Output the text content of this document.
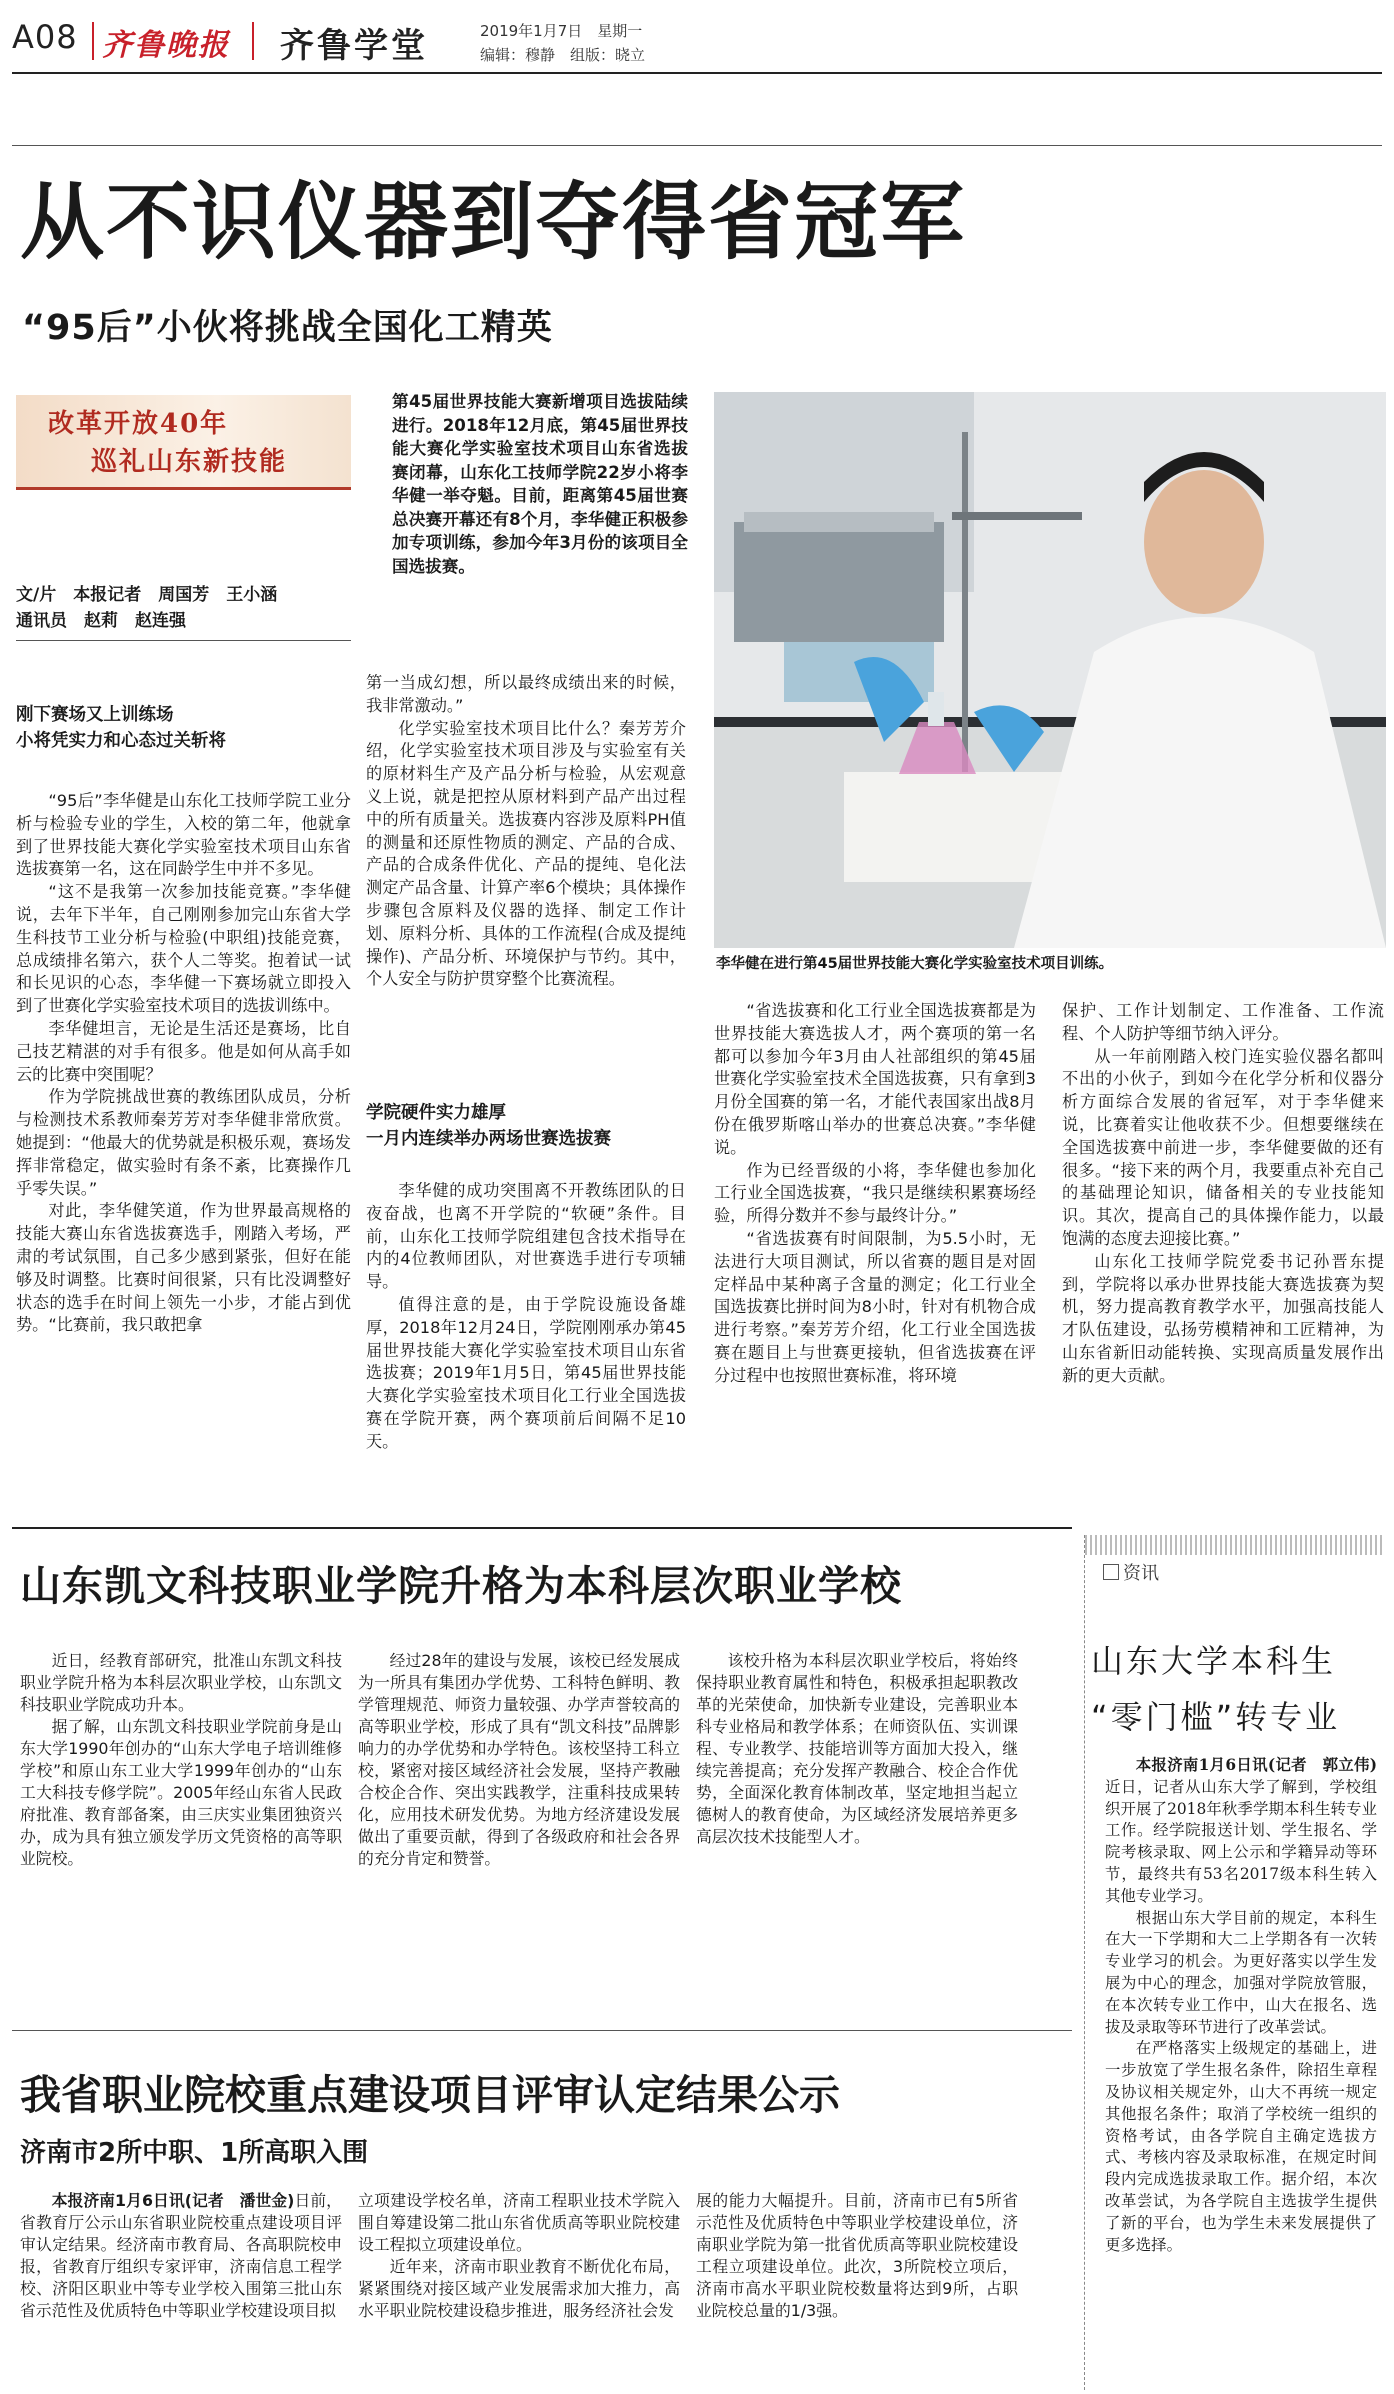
A08 齐鲁晚报 齐鲁学堂	2019年1月7日　星期一
编辑：穆静　组版：晓立
从不识仪器到夺得省冠军
“95后”小伙将挑战全国化工精英
改革开放40年
巡礼山东新技能
文/片　本报记者　周国芳　王小涵
通讯员　赵莉　赵连强
第45届世界技能大赛新增项目选拔陆续进行。2018年12月底，第45届世界技能大赛化学实验室技术项目山东省选拔赛闭幕，山东化工技师学院22岁小将李华健一举夺魁。目前，距离第45届世赛总决赛开幕还有8个月，李华健正积极参加专项训练，参加今年3月份的该项目全国选拔赛。
李华健在进行第45届世界技能大赛化学实验室技术项目训练。
刚下赛场又上训练场
小将凭实力和心态过关斩将

“95后”李华健是山东化工技师学院工业分析与检验专业的学生，入校的第二年，他就拿到了世界技能大赛化学实验室技术项目山东省选拔赛第一名，这在同龄学生中并不多见。

“这不是我第一次参加技能竞赛。”李华健说，去年下半年，自己刚刚参加完山东省大学生科技节工业分析与检验(中职组)技能竞赛，总成绩排名第六，获个人二等奖。抱着试一试和长见识的心态，李华健一下赛场就立即投入到了世赛化学实验室技术项目的选拔训练中。

李华健坦言，无论是生活还是赛场，比自己技艺精湛的对手有很多。他是如何从高手如云的比赛中突围呢？

作为学院挑战世赛的教练团队成员，分析与检测技术系教师秦芳芳对李华健非常欣赏。她提到：“他最大的优势就是积极乐观，赛场发挥非常稳定，做实验时有条不紊，比赛操作几乎零失误。”

对此，李华健笑道，作为世界最高规格的技能大赛山东省选拔赛选手，刚踏入考场，严肃的考试氛围，自己多少感到紧张，但好在能够及时调整。比赛时间很紧，只有比没调整好状态的选手在时间上领先一小步，才能占到优势。“比赛前，我只敢把拿

第一当成幻想，所以最终成绩出来的时候，我非常激动。”

化学实验室技术项目比什么？秦芳芳介绍，化学实验室技术项目涉及与实验室有关的原材料生产及产品分析与检验，从宏观意义上说，就是把控从原材料到产品产出过程中的所有质量关。选拔赛内容涉及原料PH值的测量和还原性物质的测定、产品的合成、产品的合成条件优化、产品的提纯、皂化法测定产品含量、计算产率6个模块；具体操作步骤包含原料及仪器的选择、制定工作计划、原料分析、具体的工作流程(合成及提纯操作)、产品分析、环境保护与节约。其中，个人安全与防护贯穿整个比赛流程。

学院硬件实力雄厚
一月内连续举办两场世赛选拔赛

李华健的成功突围离不开教练团队的日夜奋战，也离不开学院的“软硬”条件。目前，山东化工技师学院组建包含技术指导在内的4位教师团队，对世赛选手进行专项辅导。

值得注意的是，由于学院设施设备雄厚，2018年12月24日，学院刚刚承办第45届世界技能大赛化学实验室技术项目山东省选拔赛；2019年1月5日，第45届世界技能大赛化学实验室技术项目化工行业全国选拔赛在学院开赛，两个赛项前后间隔不足10天。

“省选拔赛和化工行业全国选拔赛都是为世界技能大赛选拔人才，两个赛项的第一名都可以参加今年3月由人社部组织的第45届世赛化学实验室技术全国选拔赛，只有拿到3月份全国赛的第一名，才能代表国家出战8月份在俄罗斯喀山举办的世赛总决赛。”李华健说。

作为已经晋级的小将，李华健也参加化工行业全国选拔赛，“我只是继续积累赛场经验，所得分数并不参与最终计分。”

“省选拔赛有时间限制，为5.5小时，无法进行大项目测试，所以省赛的题目是对固定样品中某种离子含量的测定；化工行业全国选拔赛比拼时间为8小时，针对有机物合成进行考察。”秦芳芳介绍，化工行业全国选拔赛在题目上与世赛更接轨，但省选拔赛在评分过程中也按照世赛标准，将环境

保护、工作计划制定、工作准备、工作流程、个人防护等细节纳入评分。

从一年前刚踏入校门连实验仪器名都叫不出的小伙子，到如今在化学分析和仪器分析方面综合发展的省冠军，对于李华健来说，比赛着实让他收获不少。但想要继续在全国选拔赛中前进一步，李华健要做的还有很多。“接下来的两个月，我要重点补充自己的基础理论知识，储备相关的专业技能知识。其次，提高自己的具体操作能力，以最饱满的态度去迎接比赛。”

山东化工技师学院党委书记孙晋东提到，学院将以承办世界技能大赛选拔赛为契机，努力提高教育教学水平，加强高技能人才队伍建设，弘扬劳模精神和工匠精神，为山东省新旧动能转换、实现高质量发展作出新的更大贡献。

山东凯文科技职业学院升格为本科层次职业学校

近日，经教育部研究，批准山东凯文科技职业学院升格为本科层次职业学校，山东凯文科技职业学院成功升本。

据了解，山东凯文科技职业学院前身是山东大学1990年创办的“山东大学电子培训维修学校”和原山东工业大学1999年创办的“山东工大科技专修学院”。2005年经山东省人民政府批准、教育部备案，由三庆实业集团独资兴办，成为具有独立颁发学历文凭资格的高等职业院校。

经过28年的建设与发展，该校已经发展成为一所具有集团办学优势、工科特色鲜明、教学管理规范、师资力量较强、办学声誉较高的高等职业学校，形成了具有“凯文科技”品牌影响力的办学优势和办学特色。该校坚持工科立校，紧密对接区域经济社会发展，坚持产教融合校企合作、突出实践教学，注重科技成果转化，应用技术研发优势。为地方经济建设发展做出了重要贡献，得到了各级政府和社会各界的充分肯定和赞誉。

该校升格为本科层次职业学校后，将始终保持职业教育属性和特色，积极承担起职教改革的光荣使命，加快新专业建设，完善职业本科专业格局和教学体系；在师资队伍、实训课程、专业教学、技能培训等方面加大投入，继续完善提高；充分发挥产教融合、校企合作优势，全面深化教育体制改革，坚定地担当起立德树人的教育使命，为区域经济发展培养更多高层次技术技能型人才。

我省职业院校重点建设项目评审认定结果公示
济南市2所中职、1所高职入围

本报济南1月6日讯(记者　潘世金)日前，省教育厅公示山东省职业院校重点建设项目评审认定结果。经济南市教育局、各高职院校申报，省教育厅组织专家评审，济南信息工程学校、济阳区职业中等专业学校入围第三批山东省示范性及优质特色中等职业学校建设项目拟

立项建设学校名单，济南工程职业技术学院入围自筹建设第二批山东省优质高等职业院校建设工程拟立项建设单位。

近年来，济南市职业教育不断优化布局，紧紧围绕对接区域产业发展需求加大推力，高水平职业院校建设稳步推进，服务经济社会发

展的能力大幅提升。目前，济南市已有5所省示范性及优质特色中等职业学校建设单位，济南职业学院为第一批省优质高等职业院校建设工程立项建设单位。此次，3所院校立项后，济南市高水平职业院校数量将达到9所，占职业院校总量的1/3强。

资讯
山东大学本科生
“零门槛”转专业

本报济南1月6日讯(记者　郭立伟)　近日，记者从山东大学了解到，学校组织开展了2018年秋季学期本科生转专业工作。经学院报送计划、学生报名、学院考核录取、网上公示和学籍异动等环节，最终共有53名2017级本科生转入其他专业学习。

根据山东大学目前的规定，本科生在大一下学期和大二上学期各有一次转专业学习的机会。为更好落实以学生发展为中心的理念，加强对学院放管服，在本次转专业工作中，山大在报名、选拔及录取等环节进行了改革尝试。

在严格落实上级规定的基础上，进一步放宽了学生报名条件，除招生章程及协议相关规定外，山大不再统一规定其他报名条件；取消了学校统一组织的资格考试，由各学院自主确定选拔方式、考核内容及录取标准，在规定时间段内完成选拔录取工作。据介绍，本次改革尝试，为各学院自主选拔学生提供了新的平台，也为学生未来发展提供了更多选择。
